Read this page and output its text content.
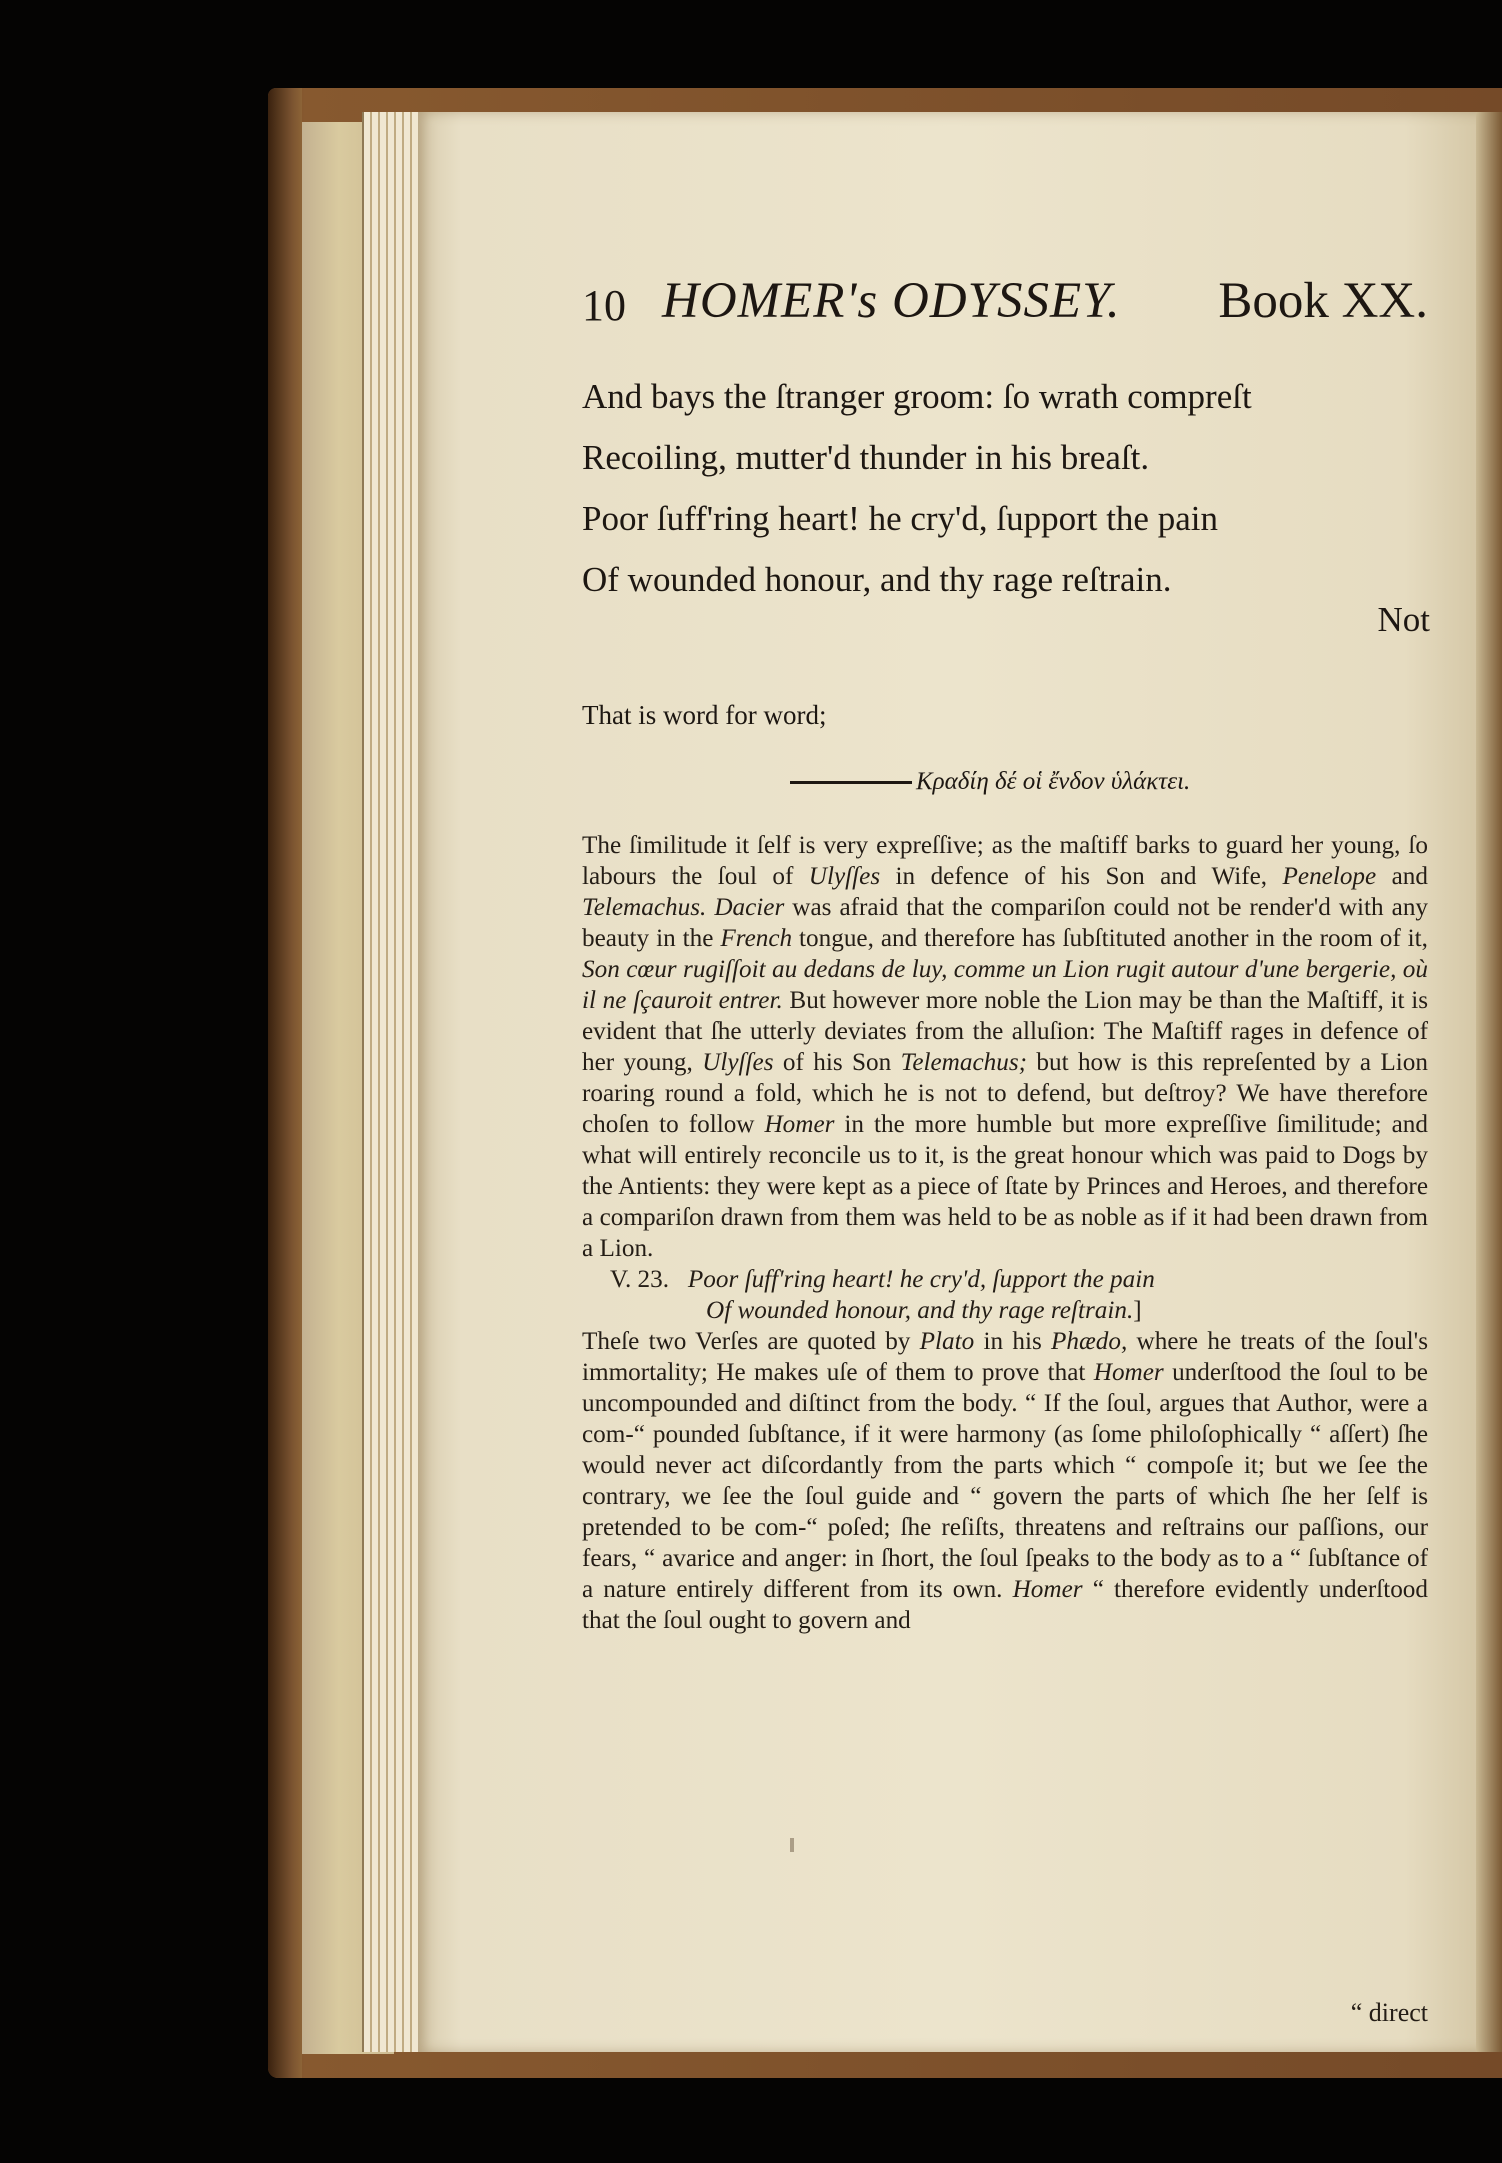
10 HOMER's ODYSSEY. Book XX.
And bays the ſtranger groom: ſo wrath compreſt
Recoiling, mutter'd thunder in his breaſt.
Poor ſuff'ring heart! he cry'd, ſupport the pain
Of wounded honour, and thy rage reſtrain.
Not
That is word for word;
Κραδίη δέ οἱ ἔνδον ὑλάκτει.

The ſimilitude it ſelf is very expreſſive; as the maſtiff barks to guard her young, ſo labours the ſoul of Ulyſſes in defence of his Son and Wife, Penelope and Telemachus. Dacier was afraid that the compariſon could not be render'd with any beauty in the French tongue, and therefore has ſubſtituted another in the room of it, Son cœur rugiſſoit au dedans de luy, comme un Lion rugit autour d'une bergerie, où il ne ſçauroit entrer. But however more noble the Lion may be than the Maſtiff, it is evident that ſhe utterly deviates from the alluſion: The Maſtiff rages in defence of her young, Ulyſſes of his Son Telemachus; but how is this repreſented by a Lion roaring round a fold, which he is not to defend, but deſtroy? We have therefore choſen to follow Homer in the more humble but more expreſſive ſimilitude; and what will entirely reconcile us to it, is the great honour which was paid to Dogs by the Antients: they were kept as a piece of ſtate by Princes and Heroes, and therefore a compariſon drawn from them was held to be as noble as if it had been drawn from a Lion.

V. 23. Poor ſuff'ring heart! he cry'd, ſupport the pain

Of wounded honour, and thy rage reſtrain.]

Theſe two Verſes are quoted by Plato in his Phædo, where he treats of the ſoul's immortality; He makes uſe of them to prove that Homer underſtood the ſoul to be uncompounded and diſtinct from the body. “ If the ſoul, argues that Author, were a com-“ pounded ſubſtance, if it were harmony (as ſome philoſophically “ aſſert) ſhe would never act diſcordantly from the parts which “ compoſe it; but we ſee the contrary, we ſee the ſoul guide and “ govern the parts of which ſhe her ſelf is pretended to be com-“ poſed; ſhe reſiſts, threatens and reſtrains our paſſions, our fears, “ avarice and anger: in ſhort, the ſoul ſpeaks to the body as to a “ ſubſtance of a nature entirely different from its own. Homer “ therefore evidently underſtood that the ſoul ought to govern and

“ direct
